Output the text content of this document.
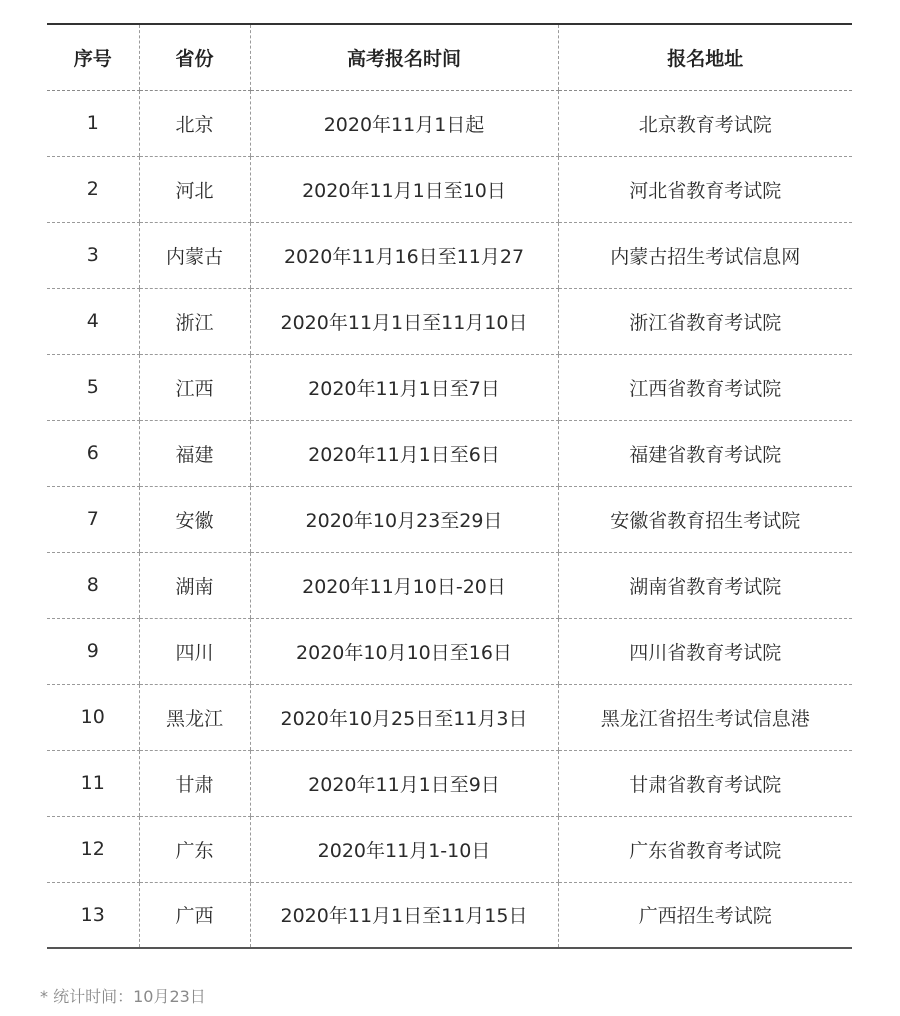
序号	省份	高考报名时间	报名地址
1	北京	2020年11月1日起	北京教育考试院
2	河北	2020年11月1日至10日	河北省教育考试院
3	内蒙古	2020年11月16日至11月27	内蒙古招生考试信息网
4	浙江	2020年11月1日至11月10日	浙江省教育考试院
5	江西	2020年11月1日至7日	江西省教育考试院
6	福建	2020年11月1日至6日	福建省教育考试院
7	安徽	2020年10月23至29日	安徽省教育招生考试院
8	湖南	2020年11月10日-20日	湖南省教育考试院
9	四川	2020年10月10日至16日	四川省教育考试院
10	黑龙江	2020年10月25日至11月3日	黑龙江省招生考试信息港
11	甘肃	2020年11月1日至9日	甘肃省教育考试院
12	广东	2020年11月1-10日	广东省教育考试院
13	广西	2020年11月1日至11月15日	广西招生考试院
* 统计时间：10月23日
